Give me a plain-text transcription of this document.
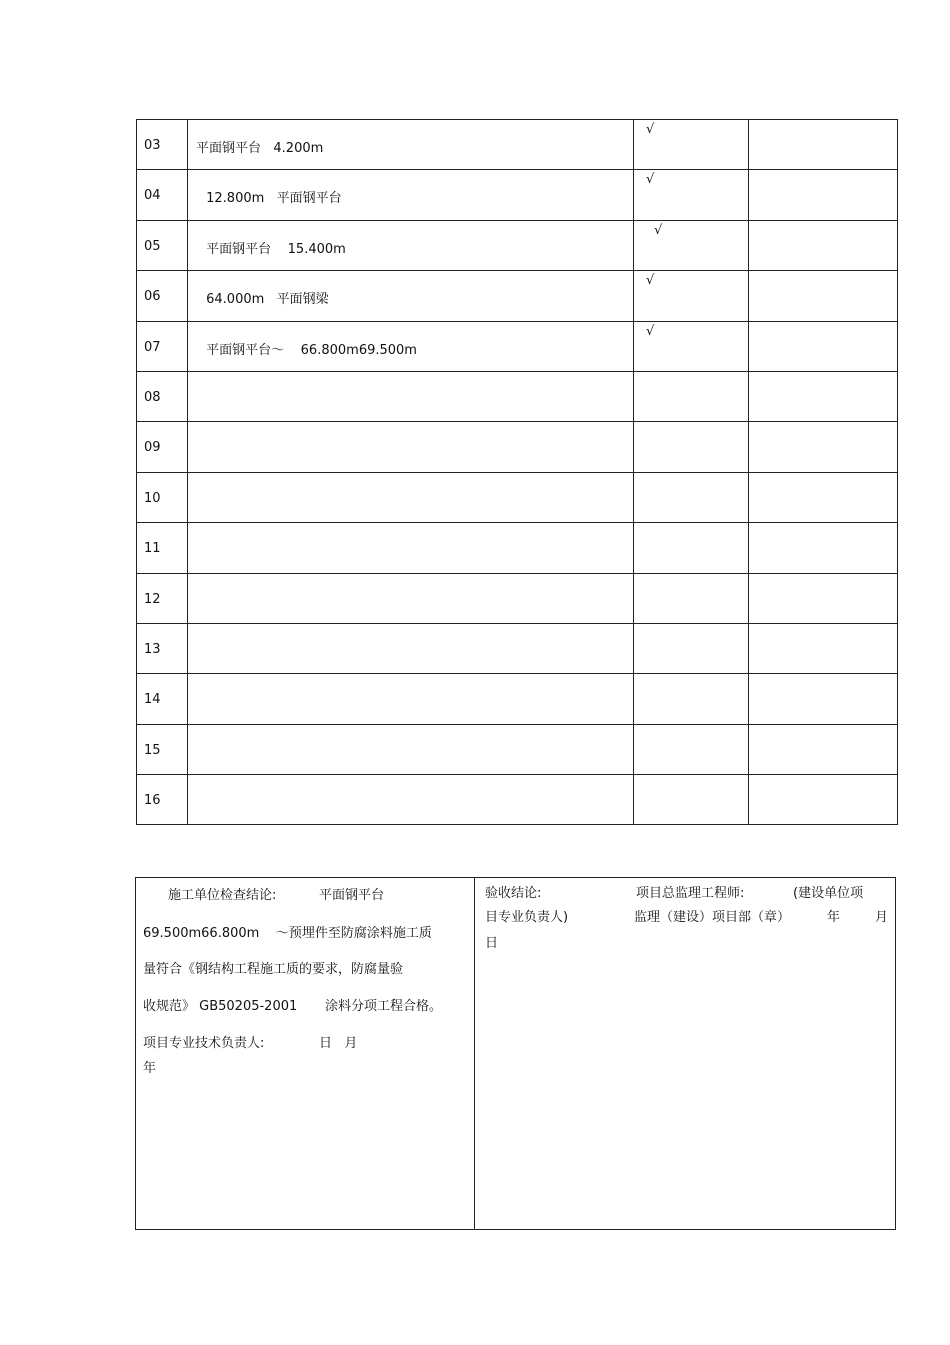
03	平面钢平台   4.200m	√	

04	12.800m   平面钢平台	√	

05	平面钢平台    15.400m	√	

06	64.000m   平面钢梁	√	

07	平面钢平台～    66.800m69.500m	√	

08			

09			

10			

11			

12			

13			

14			

15			

16			

施工单位检查结论:	平面钢平台
69.500m66.800m    ～预埋件至防腐涂料施工质
量符合《钢结构工程施工质的要求，防腐量验
收规范》 GB50205-2001 涂料分项工程合格。
项目专业技术负责人:	日   月
年
验收结论:	项目总监理工程师:	(建设单位项
目专业负责人)	监理（建设）项目部（章）	年	月
日
